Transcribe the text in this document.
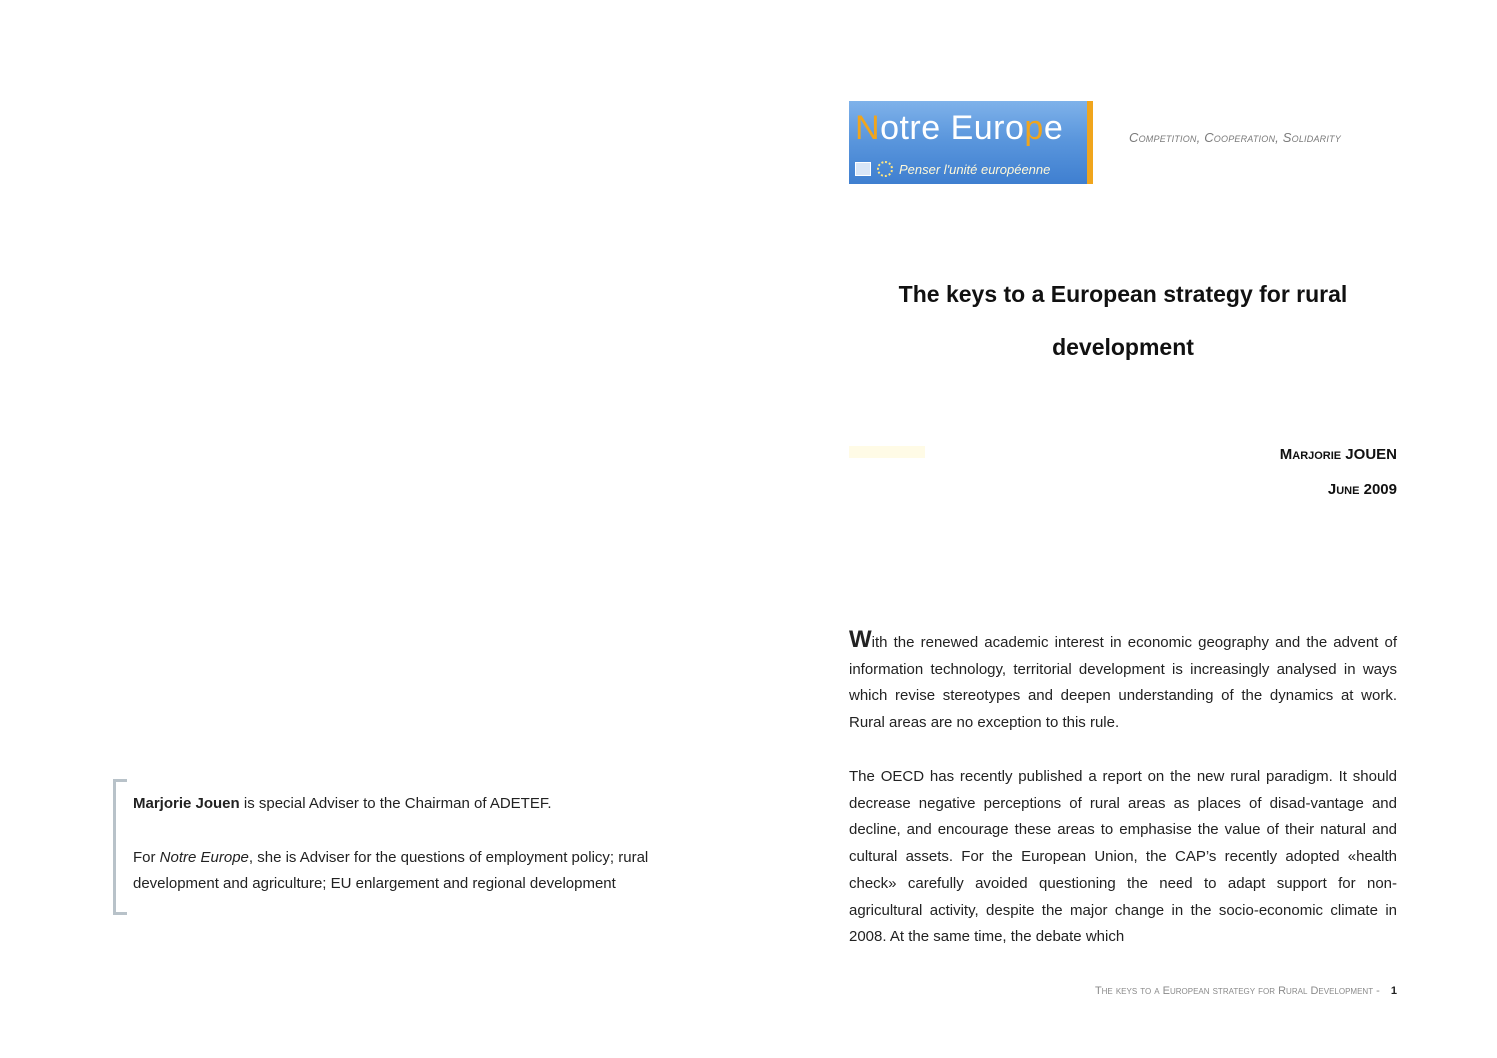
Notre Europe
Penser l'unité européenne
Competition, Cooperation, Solidarity
The keys to a European strategy for rural development
Marjorie JOUEN
June 2009

With the renewed academic interest in economic geography and the advent of information technology, territorial development is increasingly analysed in ways which revise stereotypes and deepen understanding of the dynamics at work. Rural areas are no exception to this rule.

The OECD has recently published a report on the new rural paradigm. It should decrease negative perceptions of rural areas as places of disad-vantage and decline, and encourage these areas to emphasise the value of their natural and cultural assets. For the European Union, the CAP’s recently adopted «health check» carefully avoided questioning the need to adapt support for non-agricultural activity, despite the major change in the socio-economic climate in 2008. At the same time, the debate which

Marjorie Jouen is special Adviser to the Chairman of ADETEF.

For Notre Europe, she is Adviser for the questions of employment policy; rural development and agriculture; EU enlargement and regional development

The keys to a European strategy for Rural Development - 1
